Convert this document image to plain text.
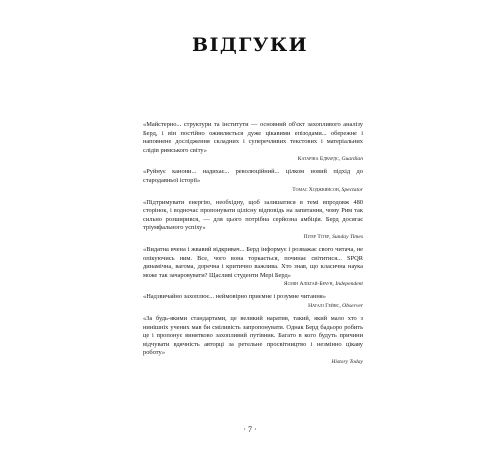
ВІДГУКИ

«Майстерно... структури та інститути — основний об'єкт захопливого аналізу Берд, і він постійно оживляється дуже цікавими епізодами... обережне і наповнене дослідження складних і суперечливих текстових і матеріальних слідів римського світу»

Катаріна Едвардс, Guardian

«Руйнує канони... надихає... революційний... цілком новий підхід до стародавньої історії»

Томас Ходжкинсон, Spectator

«Підтримувати енергію, необхідну, щоб залишатися в темі впродовж 480 сторінок, і водночас пропонувати цілісну відповідь на запитання, чому Рим так сильно розширився, — для цього потрібна серйозна амбіція. Берд досягає тріумфального успіху»

Пітер Тітер, Sunday Times

«Видатна вчена і жвавий відкривач... Берд інформує і розважає свого читача, не опікуючись ним. Все, чого вона торкається, починає світитися... SPQR динамічна, вагома, доречна і критично важлива. Хто знав, що класична наука може так зачаровувати? Щасливі студенти Мері Берд»

Ясмін Алібгай-Браун, Independent

«Надзвичайно захоплює... неймовірно приємне і розумне читання»

Наталі Гейнс, Observer

«За будь-якими стандартами, це великий наратив, такий, який мало хто з нинішніх учених мав би сміливість запропонувати. Однак Берд бадьоро робить це і пропонує винятково захопливий путівник. Багато в кого будуть причини відчувати вдячність авторці за ретельне просвітництво і незмінно цікаву роботу»

History Today

· 7 ·
